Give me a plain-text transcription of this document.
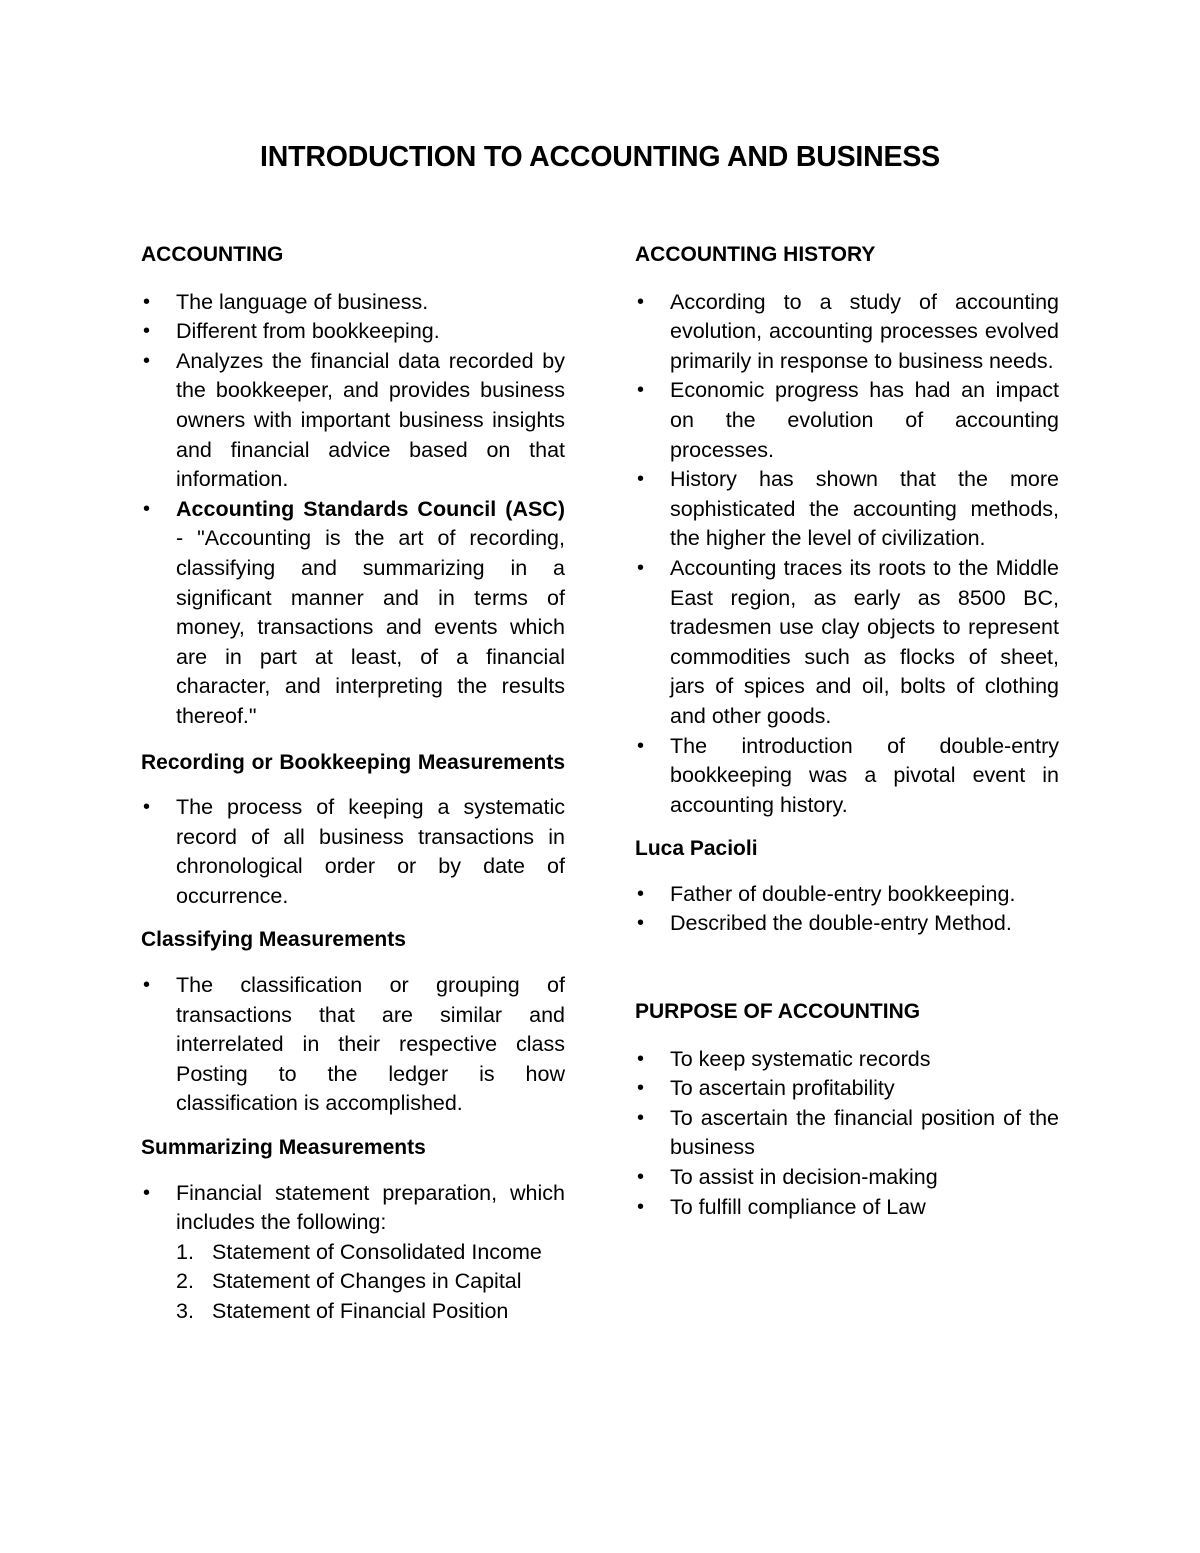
INTRODUCTION TO ACCOUNTING AND BUSINESS
ACCOUNTING
• The language of business.
• Different from bookkeeping.
• Analyzes the financial data recorded by the bookkeeper, and provides business owners with important business insights and financial advice based on that information.
• Accounting Standards Council (ASC) - "Accounting is the art of recording, classifying and summarizing in a significant manner and in terms of money, transactions and events which are in part at least, of a financial character, and interpreting the results thereof."
Recording or Bookkeeping Measurements
• The process of keeping a systematic record of all business transactions in chronological order or by date of occurrence.
Classifying Measurements
• The classification or grouping of transactions that are similar and interrelated in their respective class Posting to the ledger is how classification is accomplished.
Summarizing Measurements
• Financial statement preparation, which includes the following:
1. Statement of Consolidated Income
2. Statement of Changes in Capital
3. Statement of Financial Position
ACCOUNTING HISTORY
• According to a study of accounting evolution, accounting processes evolved primarily in response to business needs.
• Economic progress has had an impact on the evolution of accounting processes.
• History has shown that the more sophisticated the accounting methods, the higher the level of civilization.
• Accounting traces its roots to the Middle East region, as early as 8500 BC, tradesmen use clay objects to represent commodities such as flocks of sheet, jars of spices and oil, bolts of clothing and other goods.
• The introduction of double-entry bookkeeping was a pivotal event in accounting history.
Luca Pacioli
• Father of double-entry bookkeeping.
• Described the double-entry Method.
PURPOSE OF ACCOUNTING
• To keep systematic records
• To ascertain profitability
• To ascertain the financial position of the business
• To assist in decision-making
• To fulfill compliance of Law
